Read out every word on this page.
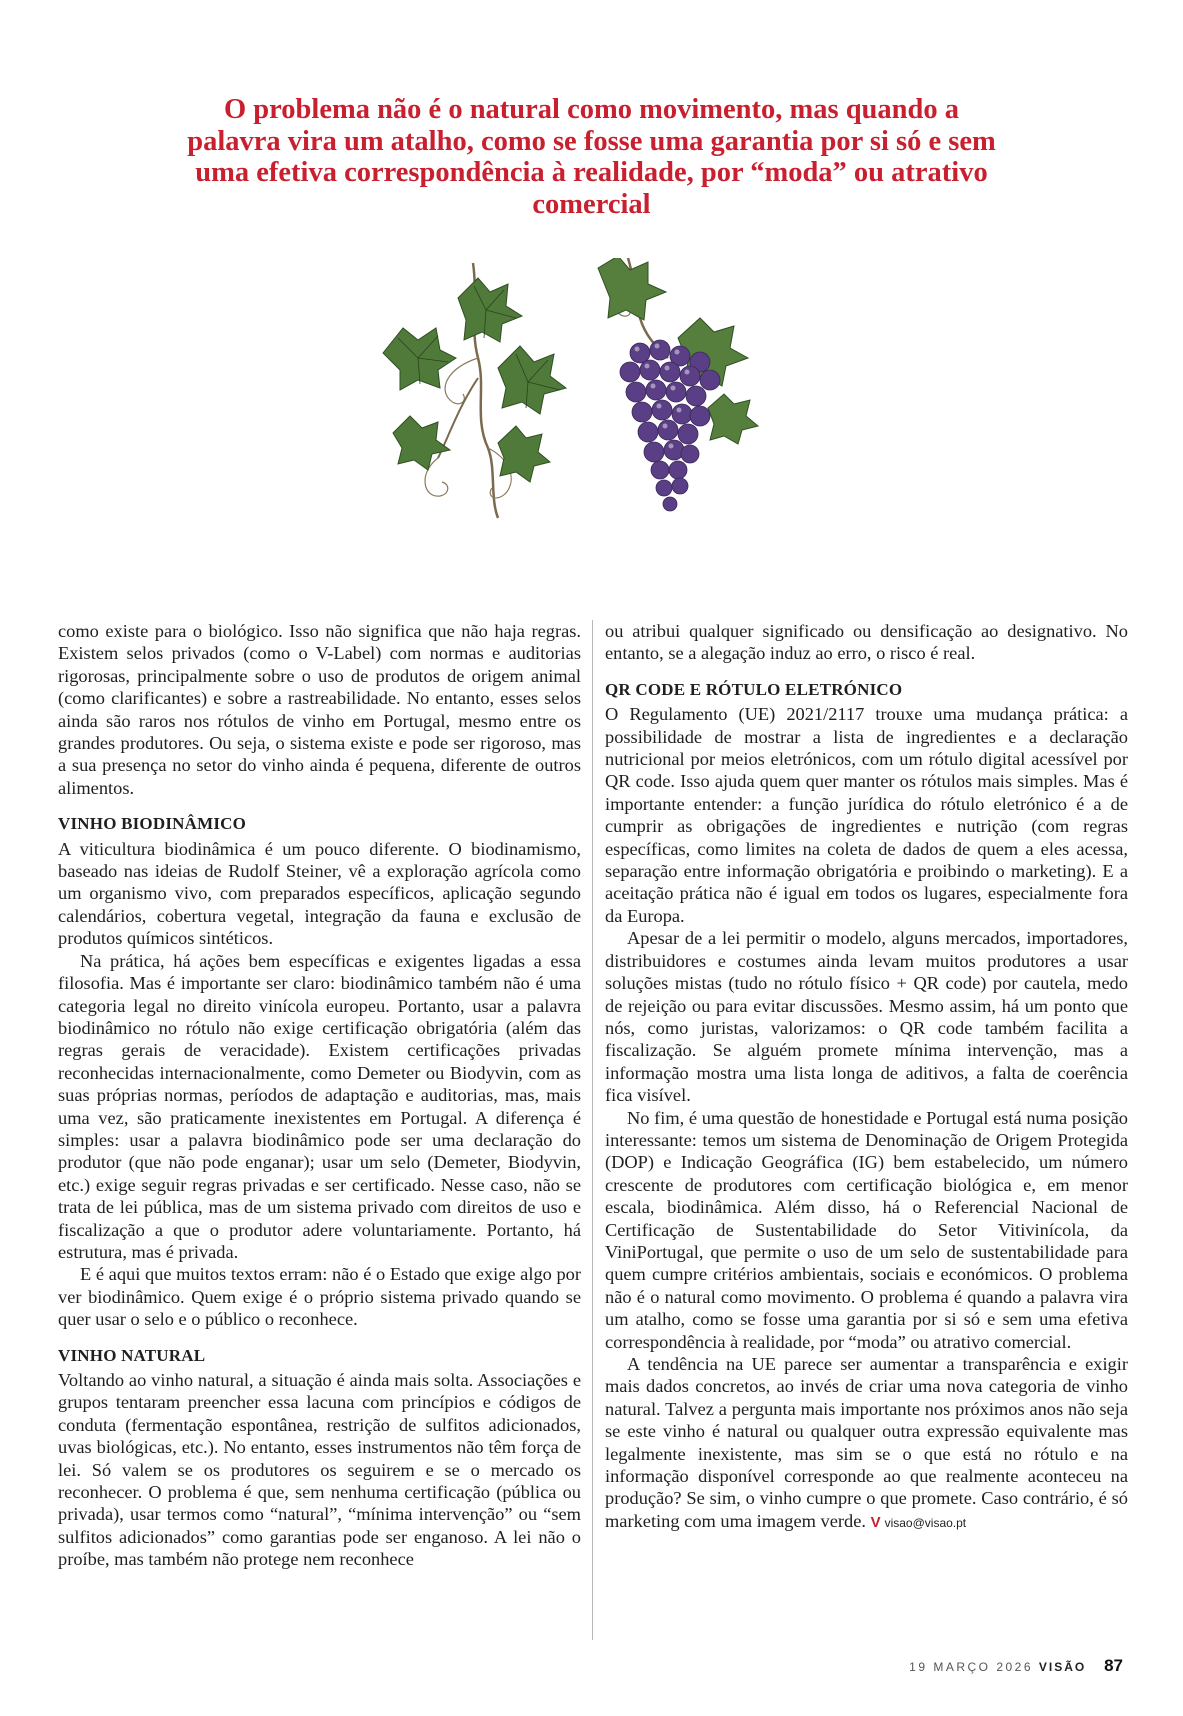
O problema não é o natural como movimento, mas quando a palavra vira um atalho, como se fosse uma garantia por si só e sem uma efetiva correspondência à realidade, por “moda” ou atrativo comercial

como existe para o biológico. Isso não significa que não haja regras. Existem selos privados (como o V-Label) com normas e auditorias rigorosas, principalmente sobre o uso de produtos de origem animal (como clarificantes) e sobre a rastreabilidade. No entanto, esses selos ainda são raros nos rótulos de vinho em Portugal, mesmo entre os grandes produtores. Ou seja, o sistema existe e pode ser rigoroso, mas a sua presença no setor do vinho ainda é pequena, diferente de outros alimentos.

VINHO BIODINÂMICO

A viticultura biodinâmica é um pouco diferente. O biodinamismo, baseado nas ideias de Rudolf Steiner, vê a exploração agrícola como um organismo vivo, com preparados específicos, aplicação segundo calendários, cobertura vegetal, integração da fauna e exclusão de produtos químicos sintéticos.

Na prática, há ações bem específicas e exigentes ligadas a essa filosofia. Mas é importante ser claro: biodinâmico também não é uma categoria legal no direito vinícola europeu. Portanto, usar a palavra biodinâmico no rótulo não exige certificação obrigatória (além das regras gerais de veracidade). Existem certificações privadas reconhecidas internacionalmente, como Demeter ou Biodyvin, com as suas próprias normas, períodos de adaptação e auditorias, mas, mais uma vez, são praticamente inexistentes em Portugal. A diferença é simples: usar a palavra biodinâmico pode ser uma declaração do produtor (que não pode enganar); usar um selo (Demeter, Biodyvin, etc.) exige seguir regras privadas e ser certificado. Nesse caso, não se trata de lei pública, mas de um sistema privado com direitos de uso e fiscalização a que o produtor adere voluntariamente. Portanto, há estrutura, mas é privada.

E é aqui que muitos textos erram: não é o Estado que exige algo por ver biodinâmico. Quem exige é o próprio sistema privado quando se quer usar o selo e o público o reconhece.

VINHO NATURAL

Voltando ao vinho natural, a situação é ainda mais solta. Associações e grupos tentaram preencher essa lacuna com princípios e códigos de conduta (fermentação espontânea, restrição de sulfitos adicionados, uvas biológicas, etc.). No entanto, esses instrumentos não têm força de lei. Só valem se os produtores os seguirem e se o mercado os reconhecer. O problema é que, sem nenhuma certificação (pública ou privada), usar termos como “natural”, “mínima intervenção” ou “sem sulfitos adicionados” como garantias pode ser enganoso. A lei não o proíbe, mas também não protege nem reconhece

ou atribui qualquer significado ou densificação ao designativo. No entanto, se a alegação induz ao erro, o risco é real.

QR CODE E RÓTULO ELETRÓNICO

O Regulamento (UE) 2021/2117 trouxe uma mudança prática: a possibilidade de mostrar a lista de ingredientes e a declaração nutricional por meios eletrónicos, com um rótulo digital acessível por QR code. Isso ajuda quem quer manter os rótulos mais simples. Mas é importante entender: a função jurídica do rótulo eletrónico é a de cumprir as obrigações de ingredientes e nutrição (com regras específicas, como limites na coleta de dados de quem a eles acessa, separação entre informação obrigatória e proibindo o marketing). E a aceitação prática não é igual em todos os lugares, especialmente fora da Europa.

Apesar de a lei permitir o modelo, alguns mercados, importadores, distribuidores e costumes ainda levam muitos produtores a usar soluções mistas (tudo no rótulo físico + QR code) por cautela, medo de rejeição ou para evitar discussões. Mesmo assim, há um ponto que nós, como juristas, valorizamos: o QR code também facilita a fiscalização. Se alguém promete mínima intervenção, mas a informação mostra uma lista longa de aditivos, a falta de coerência fica visível.

No fim, é uma questão de honestidade e Portugal está numa posição interessante: temos um sistema de Denominação de Origem Protegida (DOP) e Indicação Geográfica (IG) bem estabelecido, um número crescente de produtores com certificação biológica e, em menor escala, biodinâmica. Além disso, há o Referencial Nacional de Certificação de Sustentabilidade do Setor Vitivinícola, da ViniPortugal, que permite o uso de um selo de sustentabilidade para quem cumpre critérios ambientais, sociais e económicos. O problema não é o natural como movimento. O problema é quando a palavra vira um atalho, como se fosse uma garantia por si só e sem uma efetiva correspondência à realidade, por “moda” ou atrativo comercial.

A tendência na UE parece ser aumentar a transparência e exigir mais dados concretos, ao invés de criar uma nova categoria de vinho natural. Talvez a pergunta mais importante nos próximos anos não seja se este vinho é natural ou qualquer outra expressão equivalente mas legalmente inexistente, mas sim se o que está no rótulo e na informação disponível corresponde ao que realmente aconteceu na produção? Se sim, o vinho cumpre o que promete. Caso contrário, é só marketing com uma imagem verde. V visao@visao.pt

19 MARÇO 2026 VISÃO 87
